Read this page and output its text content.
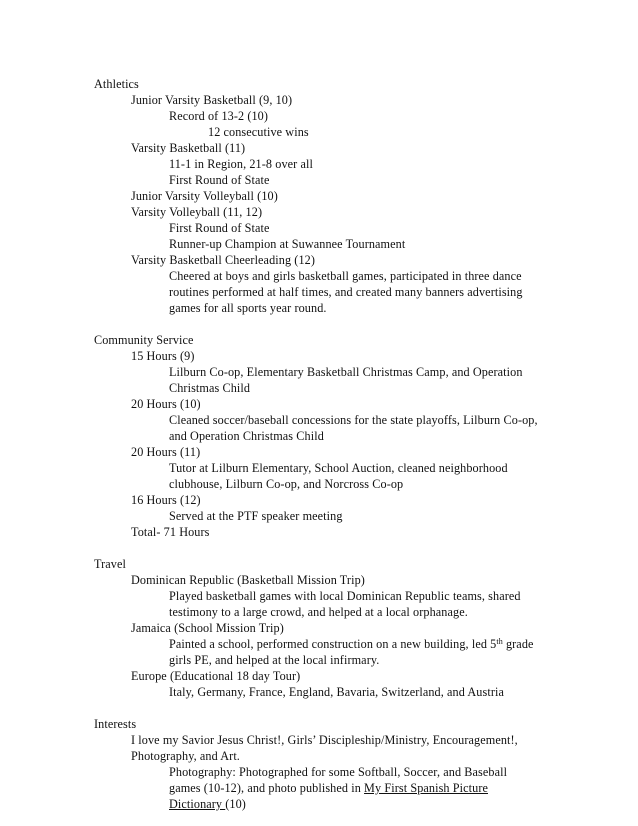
Athletics
Junior Varsity Basketball (9, 10)
Record of 13-2 (10)
12 consecutive wins
Varsity Basketball (11)
11-1 in Region, 21-8 over all
First Round of State
Junior Varsity Volleyball (10)
Varsity Volleyball (11, 12)
First Round of State
Runner-up Champion at Suwannee Tournament
Varsity Basketball Cheerleading (12)
Cheered at boys and girls basketball games, participated in three dance
routines performed at half times, and created many banners advertising
games for all sports year round.
Community Service
15 Hours (9)
Lilburn Co-op, Elementary Basketball Christmas Camp, and Operation
Christmas Child
20 Hours (10)
Cleaned soccer/baseball concessions for the state playoffs, Lilburn Co-op,
and Operation Christmas Child
20 Hours (11)
Tutor at Lilburn Elementary, School Auction, cleaned neighborhood
clubhouse, Lilburn Co-op, and Norcross Co-op
16 Hours (12)
Served at the PTF speaker meeting
Total- 71 Hours
Travel
Dominican Republic (Basketball Mission Trip)
Played basketball games with local Dominican Republic teams, shared
testimony to a large crowd, and helped at a local orphanage.
Jamaica (School Mission Trip)
Painted a school, performed construction on a new building, led 5th grade
girls PE, and helped at the local infirmary.
Europe (Educational 18 day Tour)
Italy, Germany, France, England, Bavaria, Switzerland, and Austria
Interests
I love my Savior Jesus Christ!, Girls’ Discipleship/Ministry, Encouragement!,
Photography, and Art.
Photography: Photographed for some Softball, Soccer, and Baseball
games (10-12), and photo published in My First Spanish Picture
Dictionary (10)
